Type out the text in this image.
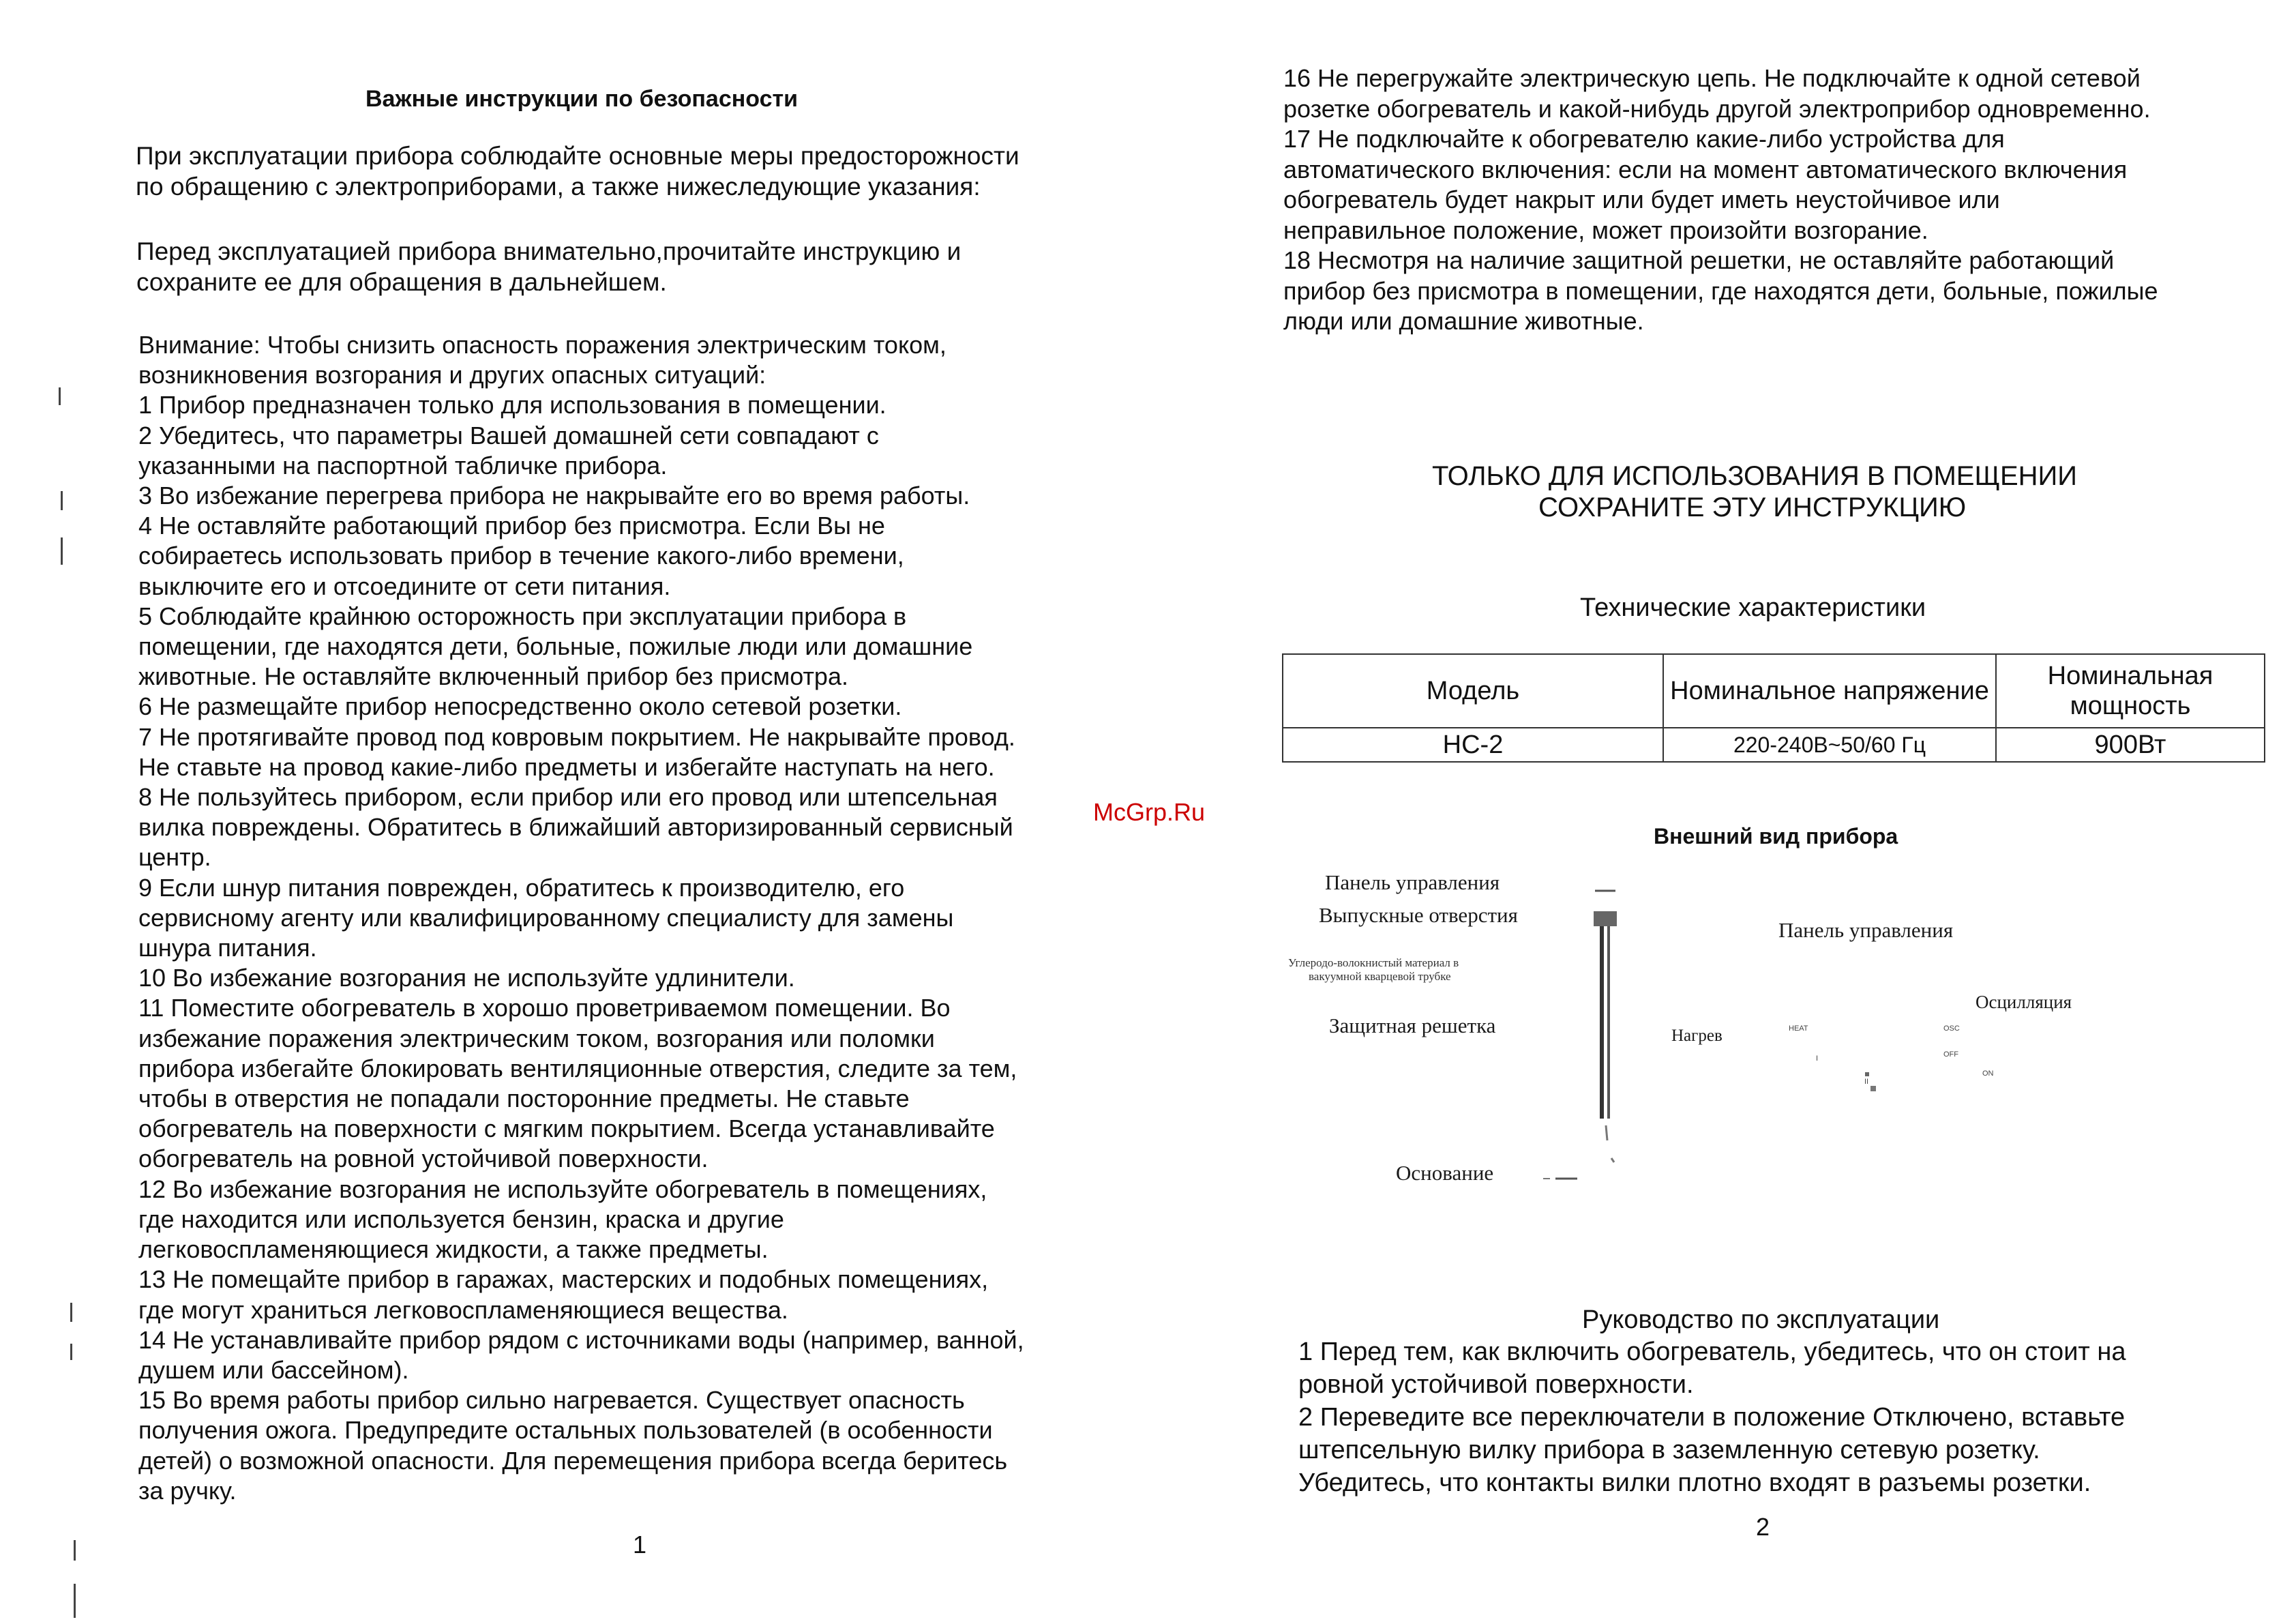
Важные инструкции по безопасности

При эксплуатации прибора соблюдайте основные меры предосторожности
по обращению с электроприборами, а также нижеследующие указания:

Перед эксплуатацией прибора внимательно,прочитайте инструкцию и
сохраните ее для обращения в дальнейшем.

Внимание: Чтобы снизить опасность поражения электрическим током,
возникновения возгорания и других опасных ситуаций:
1 Прибор предназначен только для использования в помещении.
2 Убедитесь, что параметры Вашей домашней сети совпадают с
указанными на паспортной табличке прибора.
3 Во избежание перегрева прибора не накрывайте его во время работы.
4 Не оставляйте работающий прибор без присмотра. Если Вы не
собираетесь использовать прибор в течение какого-либо времени,
выключите его и отсоедините от сети питания.
5 Соблюдайте крайнюю осторожность при эксплуатации прибора в
помещении, где находятся дети, больные, пожилые люди или домашние
животные. Не оставляйте включенный прибор без присмотра.
6 Не размещайте прибор непосредственно около сетевой розетки.
7 Не протягивайте провод под ковровым покрытием. Не накрывайте провод.
Не ставьте на провод какие-либо предметы и избегайте наступать на него.
8 Не пользуйтесь прибором, если прибор или его провод или штепсельная
вилка повреждены. Обратитесь в ближайший авторизированный сервисный
центр.
9 Если шнур питания поврежден, обратитесь к производителю, его
сервисному агенту или квалифицированному специалисту для замены
шнура питания.
10 Во избежание возгорания не используйте удлинители.
11 Поместите обогреватель в хорошо проветриваемом помещении. Во
избежание поражения электрическим током, возгорания или поломки
прибора избегайте блокировать вентиляционные отверстия, следите за тем,
чтобы в отверстия не попадали посторонние предметы. Не ставьте
обогреватель на поверхности с мягким покрытием. Всегда устанавливайте
обогреватель на ровной устойчивой поверхности.
12 Во избежание возгорания не используйте обогреватель в помещениях,
где находится или используется бензин, краска и другие
легковоспламеняющиеся жидкости, а также предметы.
13 Не помещайте прибор в гаражах, мастерских и подобных помещениях,
где могут храниться легковоспламеняющиеся вещества.
14 Не устанавливайте прибор рядом с источниками воды (например, ванной,
душем или бассейном).
15 Во время работы прибор сильно нагревается. Существует опасность
получения ожога. Предупредите остальных пользователей (в особенности
детей) о возможной опасности. Для перемещения прибора всегда беритесь
за ручку.
1
16 Не перегружайте электрическую цепь. Не подключайте к одной сетевой
розетке обогреватель и какой-нибудь другой электроприбор одновременно.
17 Не подключайте к обогревателю какие-либо устройства для
автоматического включения: если на момент автоматического включения
обогреватель будет накрыт или будет иметь неустойчивое или
неправильное положение, может произойти возгорание.
18 Несмотря на наличие защитной решетки, не оставляйте работающий
прибор без присмотра в помещении, где находятся дети, больные, пожилые
люди или домашние животные.
ТОЛЬКО ДЛЯ ИСПОЛЬЗОВАНИЯ В ПОМЕЩЕНИИ
СОХРАНИТЕ ЭТУ ИНСТРУКЦИЮ
Технические характеристики
Модель	Номинальное напряжение	Номинальная мощность
HC-2	220-240В~50/60 Гц	900Вт
Внешний вид прибора
Панель управления
Выпускные отверстия
Углеродо-волокнистый материал в
вакуумной кварцевой трубке
Защитная решетка
Основание
Панель управления
Нагрев
Осцилляция
HEAT	OSC
OFF
ON
I
II
McGrp.Ru
Руководство по эксплуатации

1 Перед тем, как включить обогреватель, убедитесь, что он стоит на
ровной устойчивой поверхности.
2 Переведите все переключатели в положение Отключено, вставьте
штепсельную вилку прибора в заземленную сетевую розетку.
Убедитесь, что контакты вилки плотно входят в разъемы розетки.

2
